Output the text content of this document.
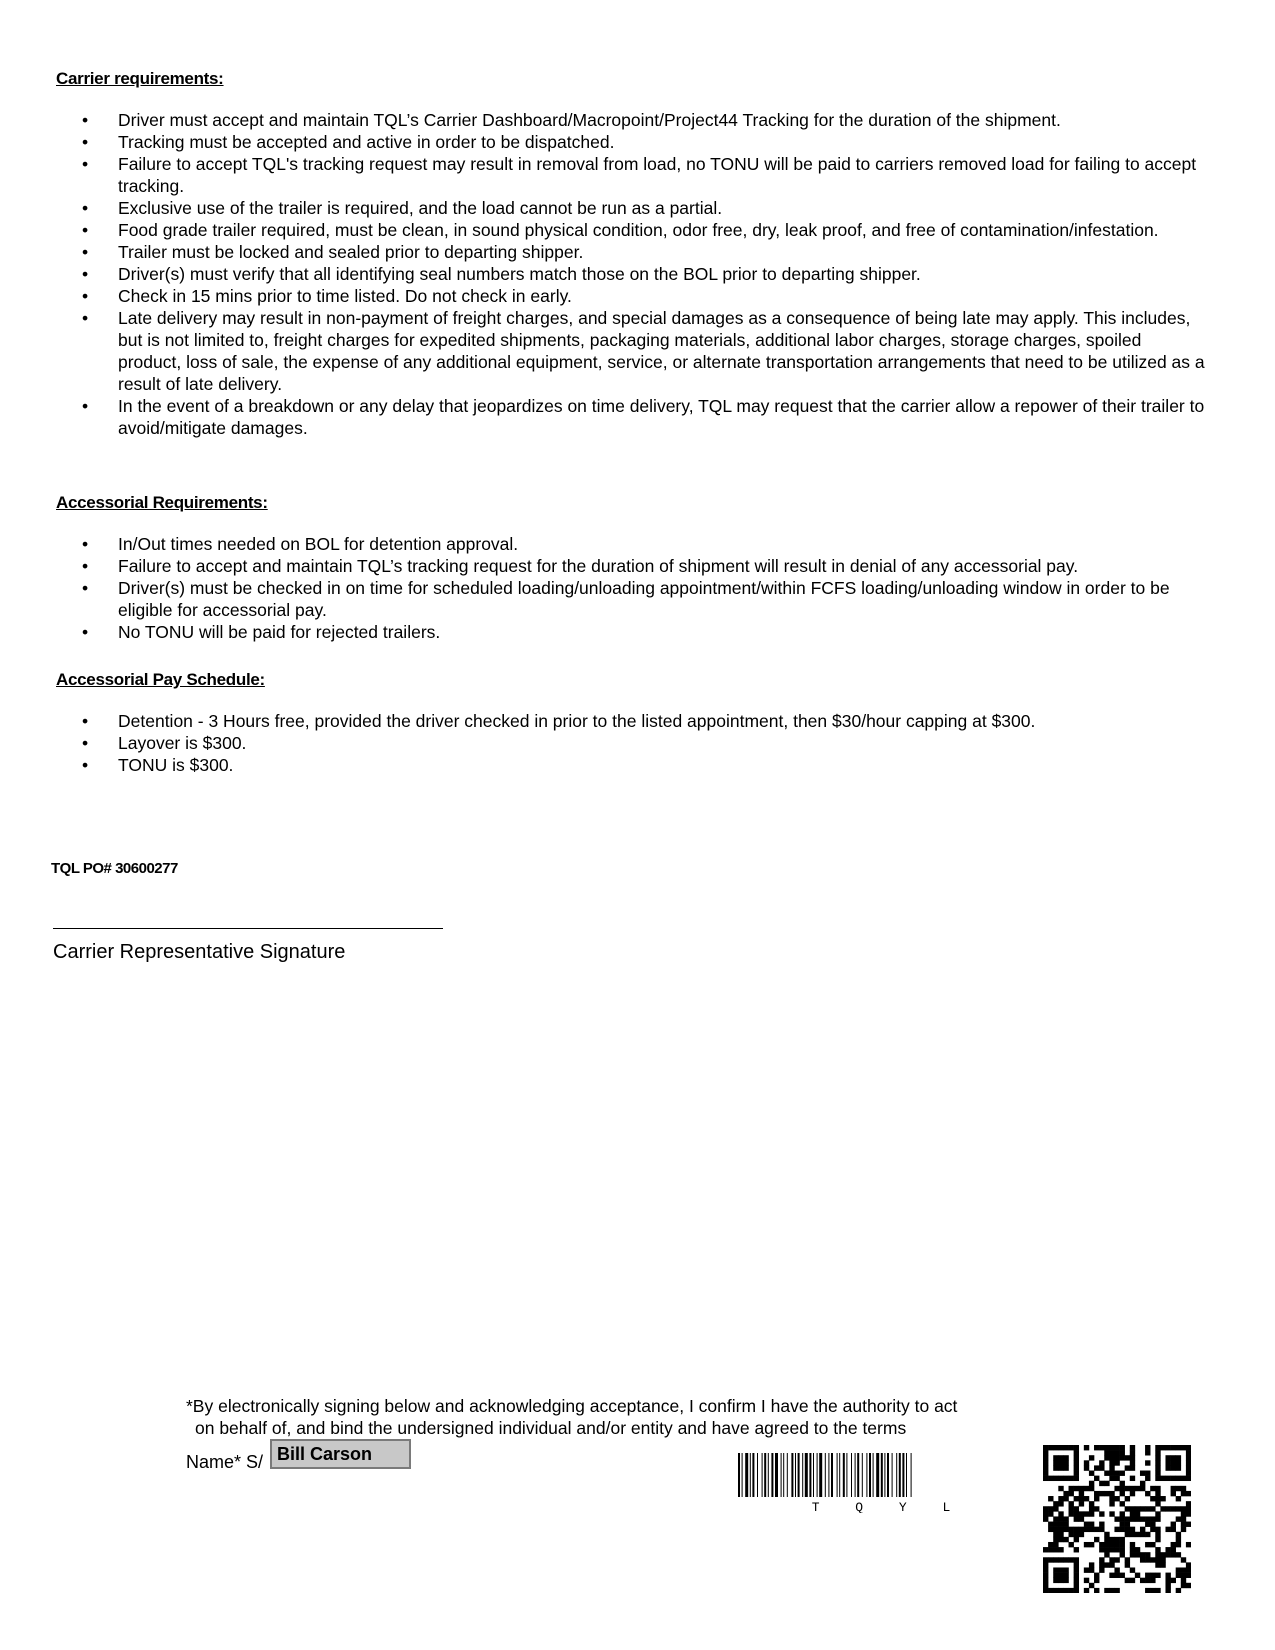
Carrier requirements:
• Driver must accept and maintain TQL’s Carrier Dashboard/Macropoint/Project44 Tracking for the duration of the shipment.
• Tracking must be accepted and active in order to be dispatched.
• Failure to accept TQL's tracking request may result in removal from load, no TONU will be paid to carriers removed load for failing to accept tracking.
• Exclusive use of the trailer is required, and the load cannot be run as a partial.
• Food grade trailer required, must be clean, in sound physical condition, odor free, dry, leak proof, and free of contamination/infestation.
• Trailer must be locked and sealed prior to departing shipper.
• Driver(s) must verify that all identifying seal numbers match those on the BOL prior to departing shipper.
• Check in 15 mins prior to time listed. Do not check in early.
• Late delivery may result in non-payment of freight charges, and special damages as a consequence of being late may apply. This includes, but is not limited to, freight charges for expedited shipments, packaging materials, additional labor charges, storage charges, spoiled product, loss of sale, the expense of any additional equipment, service, or alternate transportation arrangements that need to be utilized as a result of late delivery.
• In the event of a breakdown or any delay that jeopardizes on time delivery, TQL may request that the carrier allow a repower of their trailer to avoid/mitigate damages.
Accessorial Requirements:
• In/Out times needed on BOL for detention approval.
• Failure to accept and maintain TQL’s tracking request for the duration of shipment will result in denial of any accessorial pay.
• Driver(s) must be checked in on time for scheduled loading/unloading appointment/within FCFS loading/unloading window in order to be eligible for accessorial pay.
• No TONU will be paid for rejected trailers.
Accessorial Pay Schedule:
• Detention - 3 Hours free, provided the driver checked in prior to the listed appointment, then $30/hour capping at $300.
• Layover is $300.
• TONU is $300.
TQL PO# 30600277
Carrier Representative Signature
*By electronically signing below and acknowledging acceptance, I confirm I have the authority to act
on behalf of, and bind the undersigned individual and/or entity and have agreed to the terms
Name* S/ Bill Carson
T Q Y L
